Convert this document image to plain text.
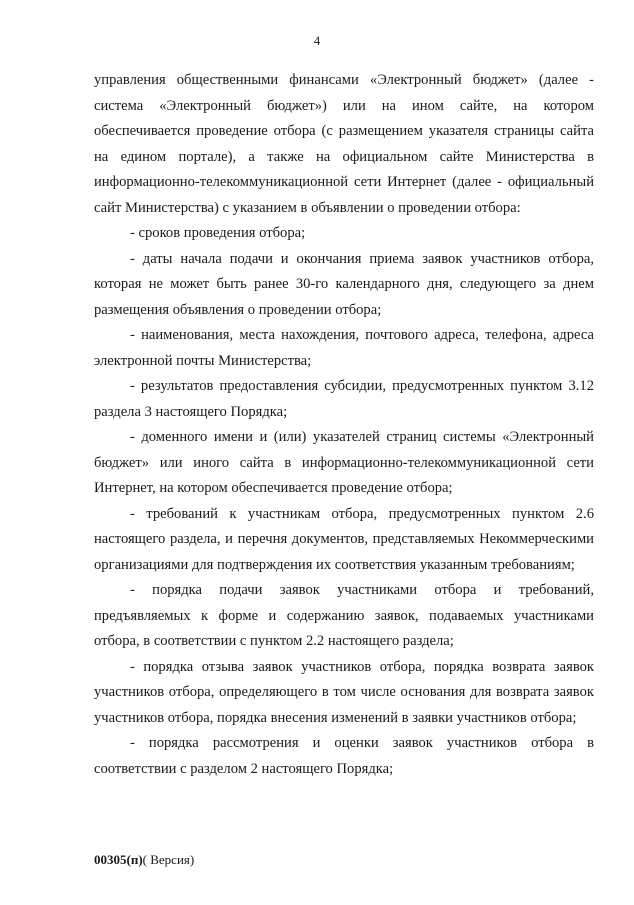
4

управления общественными финансами «Электронный бюджет» (далее - система «Электронный бюджет») или на ином сайте, на котором обеспечивается проведение отбора (с размещением указателя страницы сайта на едином портале), а также на официальном сайте Министерства в информационно-телекоммуникационной сети Интернет (далее - официальный сайт Министерства) с указанием в объявлении о проведении отбора:

- сроков проведения отбора;

- даты начала подачи и окончания приема заявок участников отбора, которая не может быть ранее 30-го календарного дня, следующего за днем размещения объявления о проведении отбора;

- наименования, места нахождения, почтового адреса, телефона, адреса электронной почты Министерства;

- результатов предоставления субсидии, предусмотренных пунктом 3.12 раздела 3 настоящего Порядка;

- доменного имени и (или) указателей страниц системы «Электронный бюджет» или иного сайта в информационно-телекоммуникационной сети Интернет, на котором обеспечивается проведение отбора;

- требований к участникам отбора, предусмотренных пунктом 2.6 настоящего раздела, и перечня документов, представляемых Некоммерческими организациями для подтверждения их соответствия указанным требованиям;

- порядка подачи заявок участниками отбора и требований, предъявляемых к форме и содержанию заявок, подаваемых участниками отбора, в соответствии с пунктом 2.2 настоящего раздела;

- порядка отзыва заявок участников отбора, порядка возврата заявок участников отбора, определяющего в том числе основания для возврата заявок участников отбора, порядка внесения изменений в заявки участников отбора;

- порядка рассмотрения и оценки заявок участников отбора в соответствии с разделом 2 настоящего Порядка;

00305(п)( Версия)
